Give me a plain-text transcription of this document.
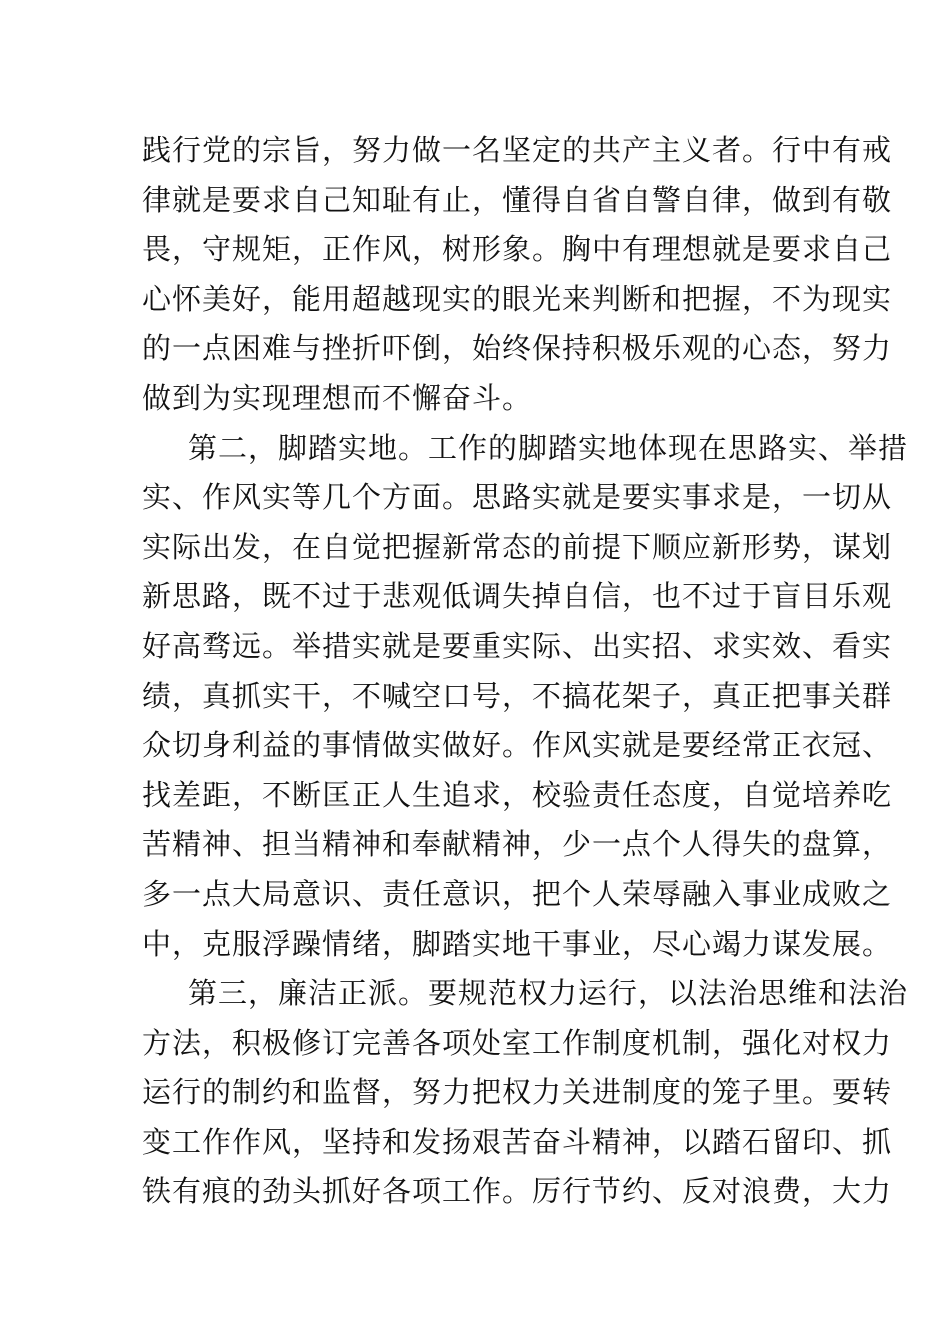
践行党的宗旨，努力做一名坚定的共产主义者。行中有戒
律就是要求自己知耻有止，懂得自省自警自律，做到有敬
畏，守规矩，正作风，树形象。胸中有理想就是要求自己
心怀美好，能用超越现实的眼光来判断和把握，不为现实
的一点困难与挫折吓倒，始终保持积极乐观的心态，努力
做到为实现理想而不懈奋斗。
第二，脚踏实地。工作的脚踏实地体现在思路实、举措
实、作风实等几个方面。思路实就是要实事求是，一切从
实际出发，在自觉把握新常态的前提下顺应新形势，谋划
新思路，既不过于悲观低调失掉自信，也不过于盲目乐观
好高骛远。举措实就是要重实际、出实招、求实效、看实
绩，真抓实干，不喊空口号，不搞花架子，真正把事关群
众切身利益的事情做实做好。作风实就是要经常正衣冠、
找差距，不断匡正人生追求，校验责任态度，自觉培养吃
苦精神、担当精神和奉献精神，少一点个人得失的盘算，
多一点大局意识、责任意识，把个人荣辱融入事业成败之
中，克服浮躁情绪，脚踏实地干事业，尽心竭力谋发展。
第三，廉洁正派。要规范权力运行，以法治思维和法治
方法，积极修订完善各项处室工作制度机制，强化对权力
运行的制约和监督，努力把权力关进制度的笼子里。要转
变工作作风，坚持和发扬艰苦奋斗精神，以踏石留印、抓
铁有痕的劲头抓好各项工作。厉行节约、反对浪费，大力
